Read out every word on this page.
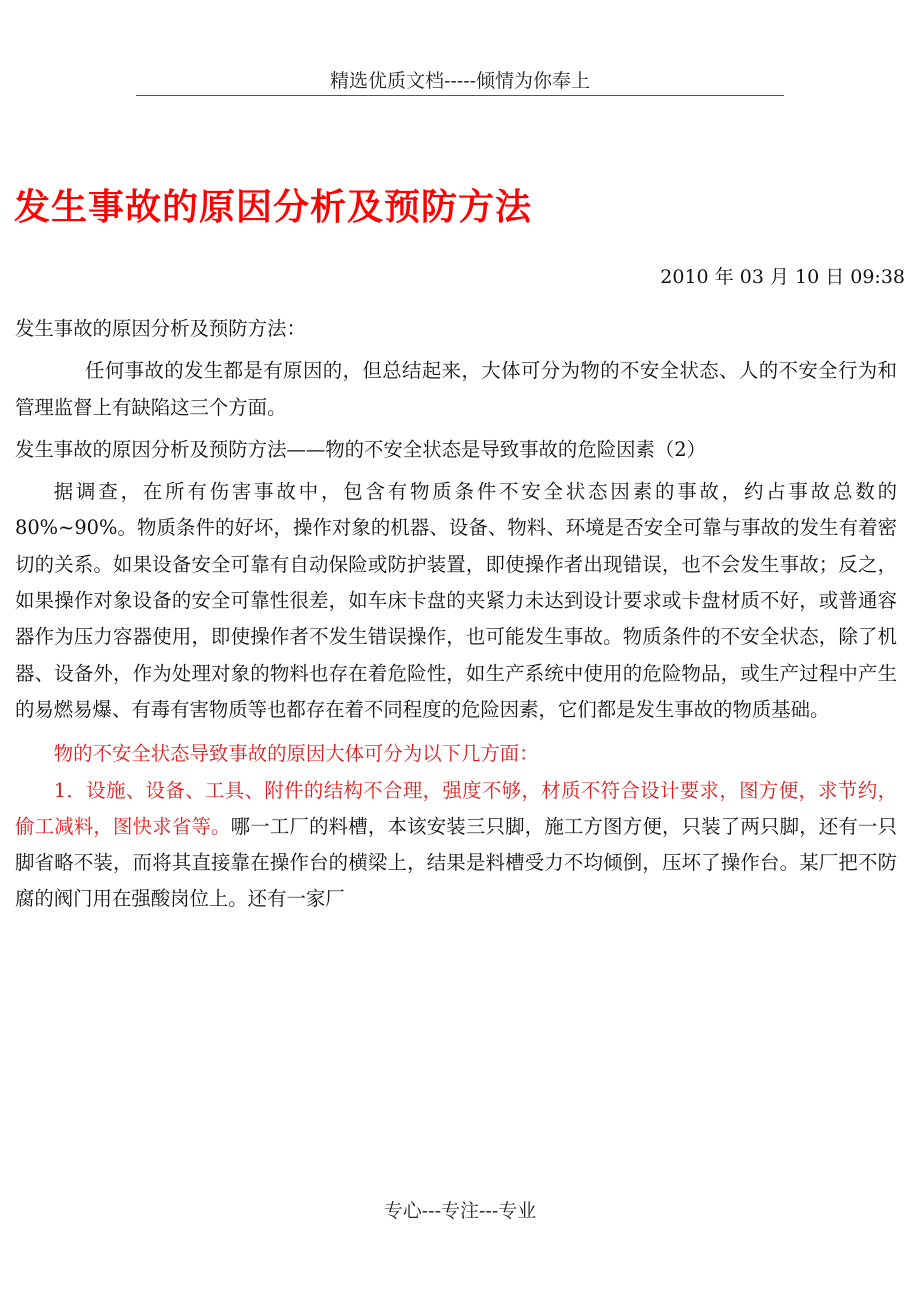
精选优质文档-----倾情为你奉上
发生事故的原因分析及预防方法
2010 年 03 月 10 日 09:38

发生事故的原因分析及预防方法：

任何事故的发生都是有原因的，但总结起来，大体可分为物的不安全状态、人的不安全行为和管理监督上有缺陷这三个方面。

发生事故的原因分析及预防方法——物的不安全状态是导致事故的危险因素（2）

据调查，在所有伤害事故中，包含有物质条件不安全状态因素的事故，约占事故总数的 80%~90%。物质条件的好坏，操作对象的机器、设备、物料、环境是否安全可靠与事故的发生有着密切的关系。如果设备安全可靠有自动保险或防护装置，即使操作者出现错误，也不会发生事故；反之，如果操作对象设备的安全可靠性很差，如车床卡盘的夹紧力未达到设计要求或卡盘材质不好，或普通容器作为压力容器使用，即使操作者不发生错误操作，也可能发生事故。物质条件的不安全状态，除了机器、设备外，作为处理对象的物料也存在着危险性，如生产系统中使用的危险物品，或生产过程中产生的易燃易爆、有毒有害物质等也都存在着不同程度的危险因素，它们都是发生事故的物质基础。

物的不安全状态导致事故的原因大体可分为以下几方面：

1．设施、设备、工具、附件的结构不合理，强度不够，材质不符合设计要求，图方便，求节约，偷工减料，图快求省等。哪一工厂的料槽，本该安装三只脚，施工方图方便，只装了两只脚，还有一只脚省略不装，而将其直接靠在操作台的横梁上，结果是料槽受力不均倾倒，压坏了操作台。某厂把不防腐的阀门用在强酸岗位上。还有一家厂

专心---专注---专业
